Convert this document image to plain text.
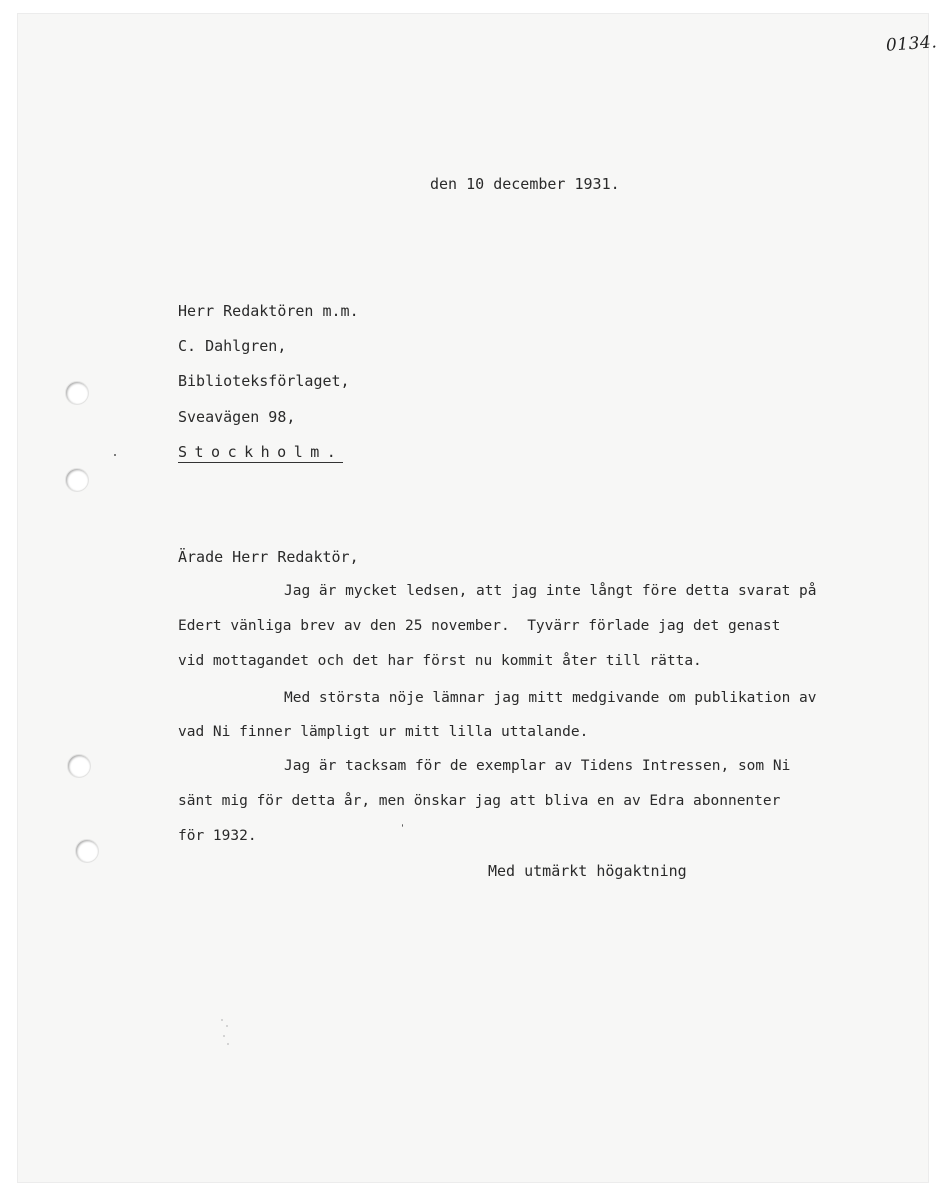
0134.
den 10 december 1931.
Herr Redaktören m.m.
C. Dahlgren,
Biblioteksförlaget,
Sveavägen 98,
Stockholm.
Ärade Herr Redaktör,
Jag är mycket ledsen, att jag inte långt före detta svarat på
Edert vänliga brev av den 25 november.  Tyvärr förlade jag det genast
vid mottagandet och det har först nu kommit åter till rätta.
Med största nöje lämnar jag mitt medgivande om publikation av
vad Ni finner lämpligt ur mitt lilla uttalande.
Jag är tacksam för de exemplar av Tidens Intressen, som Ni
sänt mig för detta år, men önskar jag att bliva en av Edra abonnenter
för 1932.
Med utmärkt högaktning
